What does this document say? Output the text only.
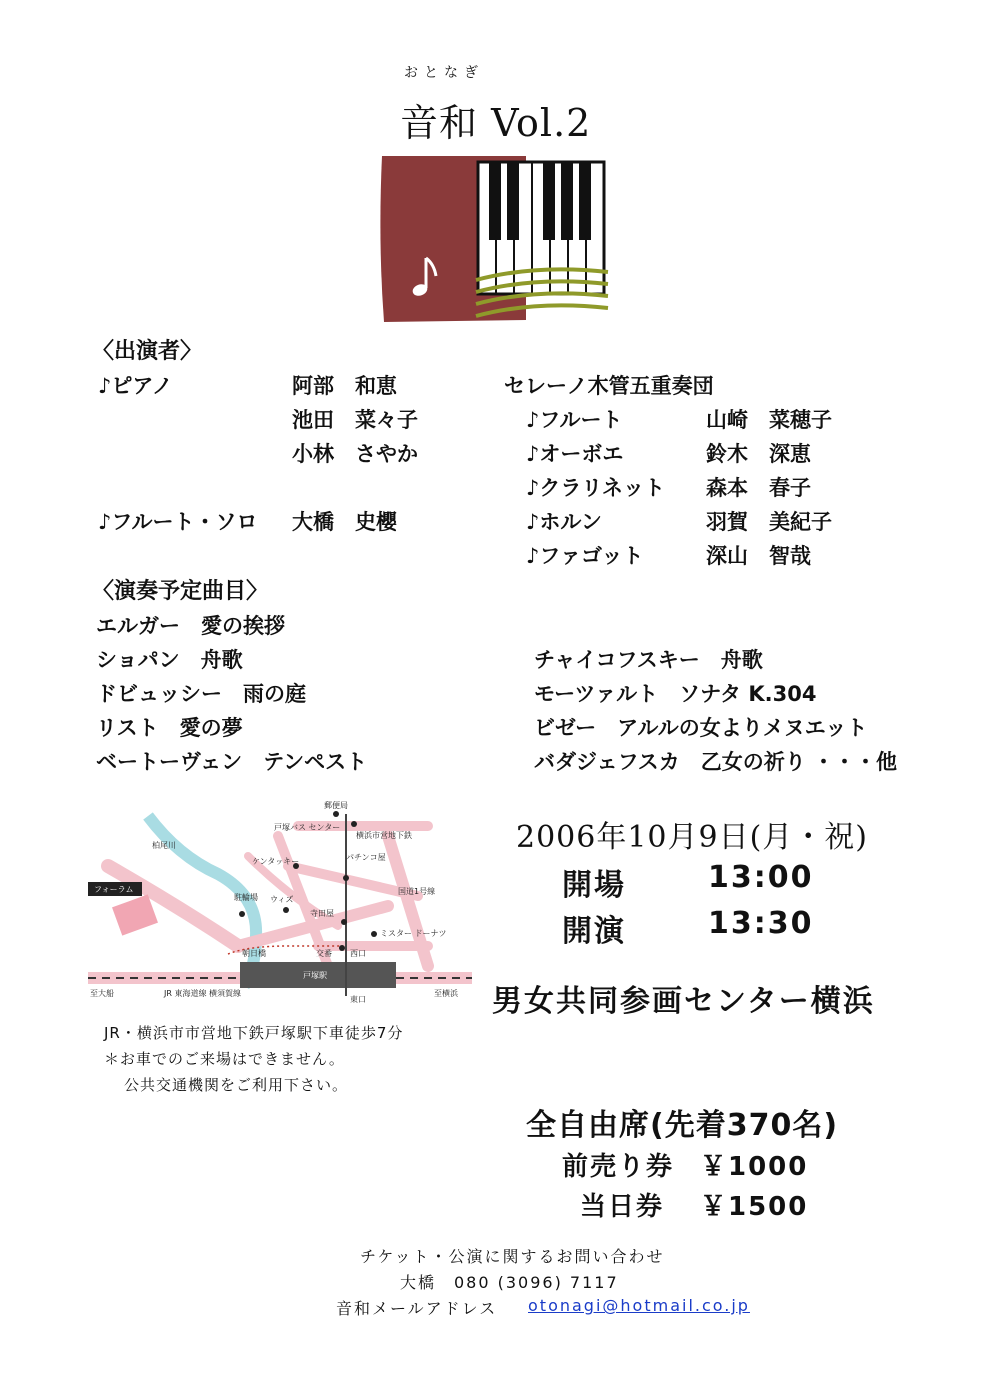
おとなぎ
音和 Vol.2
〈出演者〉
♪ピアノ	阿部　和恵
池田　菜々子
小林　さやか
♪フルート・ソロ 大橋　史櫻
セレーノ木管五重奏団
♪フルート	山崎　菜穂子
♪オーボエ	鈴木　深恵
♪クラリネット 森本　春子
♪ホルン	羽賀　美紀子
♪ファゴット	深山　智哉
〈演奏予定曲目〉
エルガー　愛の挨拶
ショパン　舟歌
ドビュッシー　雨の庭
リスト　愛の夢
ベートーヴェン　テンペスト
チャイコフスキー　舟歌
モーツァルト　ソナタ K.304
ビゼー　アルルの女よりメヌエット
バダジェフスカ　乙女の祈り ・・・他
戸塚駅
フォーラム
郵便局
戸塚バス センター
横浜市営地下鉄
ケンタッキー	パチンコ屋
国道1号線
駐輪場 ウィズ
寺田屋
ミスター ドーナツ
柏尾川
朝日橋	交番 西口
東口
JR 東海道線 横須賀線
至大船	至横浜
JR・横浜市市営地下鉄戸塚駅下車徒歩7分
＊お車でのご来場はできません。
公共交通機関をご利用下さい。
2006年10月9日(月・祝)
開場	13:00
開演	13:30
男女共同参画センター横浜
全自由席(先着370名)
前売り券 ￥1000
当日券 ￥1500
チケット・公演に関するお問い合わせ
大橋　080 (3096) 7117
音和メールアドレス otonagi@hotmail.co.jp
